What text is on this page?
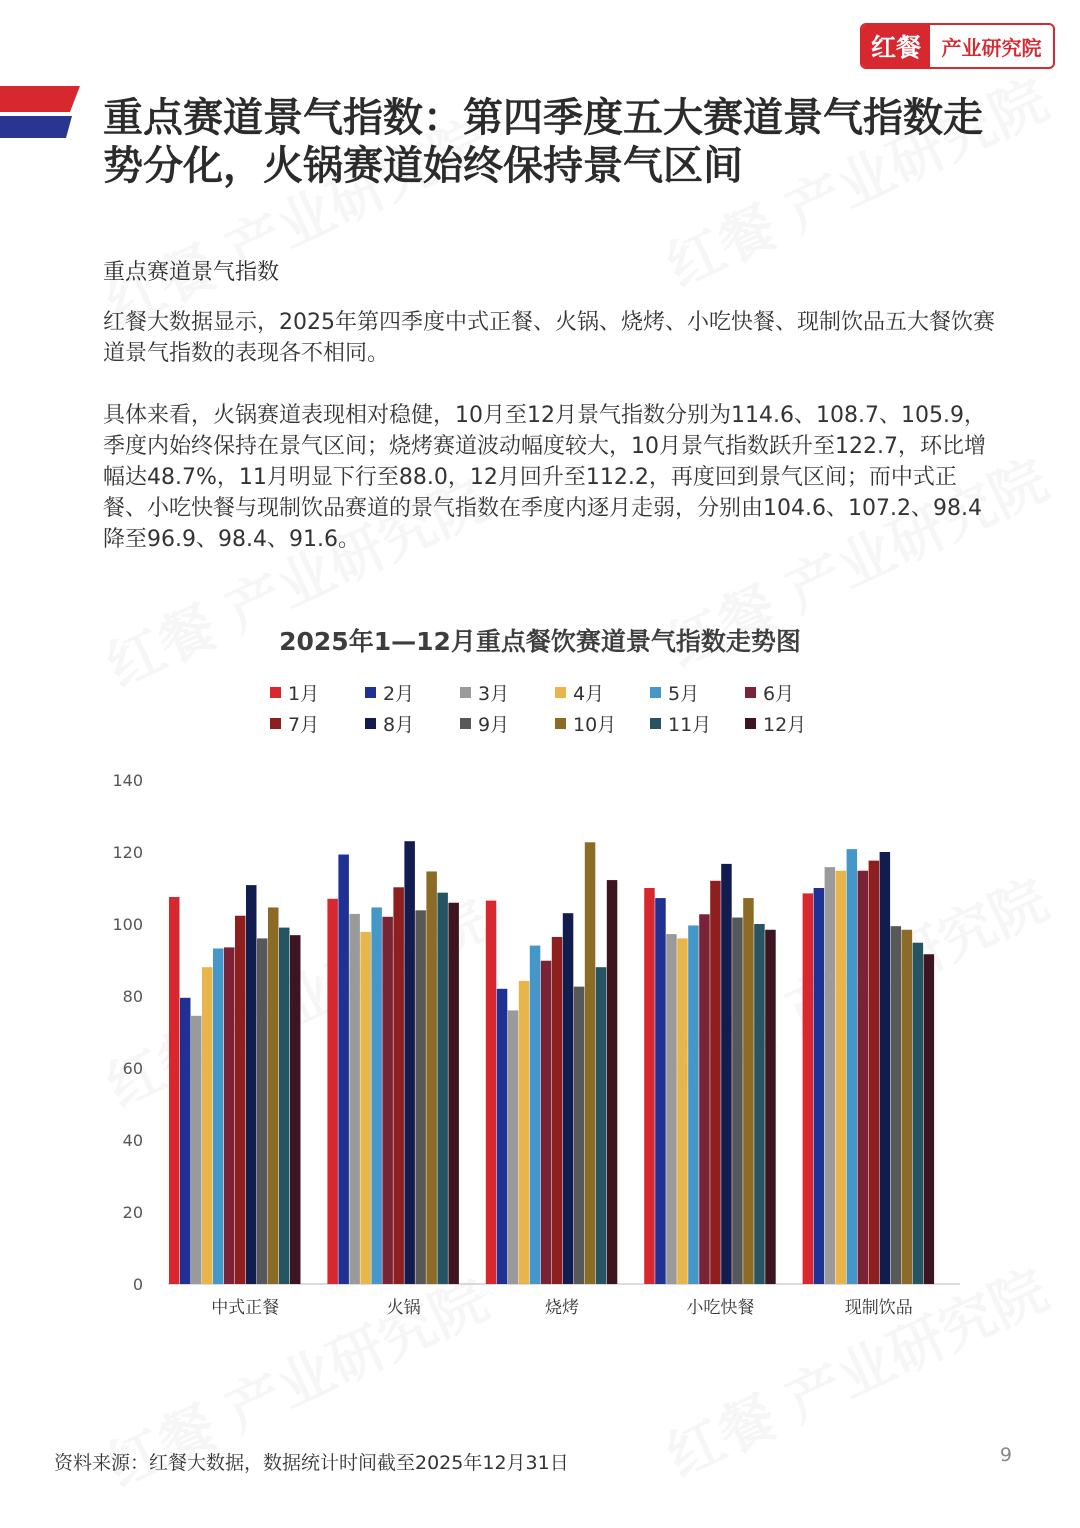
红餐	产业研究院
重点赛道景气指数：第四季度五大赛道景气指数走势分化，火锅赛道始终保持景气区间
重点赛道景气指数

红餐大数据显示，2025年第四季度中式正餐、火锅、烧烤、小吃快餐、现制饮品五大餐饮赛道景气指数的表现各不相同。

具体来看，火锅赛道表现相对稳健，10月至12月景气指数分别为114.6、108.7、105.9，季度内始终保持在景气区间；烧烤赛道波动幅度较大，10月景气指数跃升至122.7，环比增幅达48.7%，11月明显下行至88.0，12月回升至112.2，再度回到景气区间；而中式正餐、小吃快餐与现制饮品赛道的景气指数在季度内逐月走弱，分别由104.6、107.2、98.4降至96.9、98.4、91.6。

2025年1—12月重点餐饮赛道景气指数走势图
1月	2月	3月	4月	5月	6月
7月	8月	9月	10月	11月	12月
0
20
40
60
80
100
120
140
中式正餐	火锅	烧烤	小吃快餐	现制饮品
资料来源：红餐大数据，数据统计时间截至2025年12月31日	9
